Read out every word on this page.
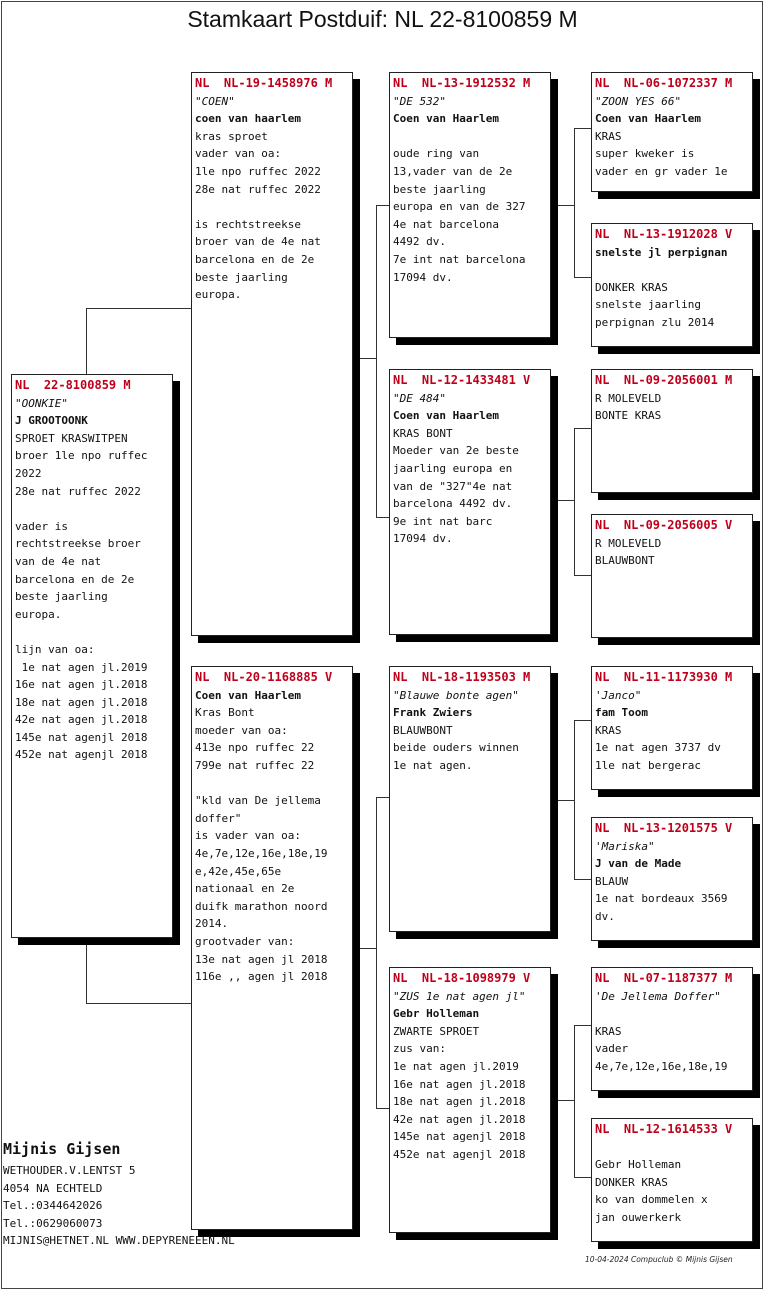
Stamkaart Postduif: NL 22-8100859 M
NL  22-8100859 M
"OONKIE"
J GROOTOONK
SPROET KRASWITPEN
broer 1le npo ruffec
2022
28e nat ruffec 2022
vader is
rechtstreekse broer
van de 4e nat
barcelona en de 2e
beste jaarling
europa.
lijn van oa:
1e nat agen jl.2019
16e nat agen jl.2018
18e nat agen jl.2018
42e nat agen jl.2018
145e nat agenjl 2018
452e nat agenjl 2018
NL  NL-19-1458976 M
"COEN"
coen van haarlem
kras sproet
vader van oa:
1le npo ruffec 2022
28e nat ruffec 2022
is rechtstreekse
broer van de 4e nat
barcelona en de 2e
beste jaarling
europa.
NL  NL-20-1168885 V
Coen van Haarlem
Kras Bont
moeder van oa:
413e npo ruffec 22
799e nat ruffec 22
"kld van De jellema
doffer"
is vader van oa:
4e,7e,12e,16e,18e,19
e,42e,45e,65e
nationaal en 2e
duifk marathon noord
2014.
grootvader van:
13e nat agen jl 2018
116e ,, agen jl 2018
NL  NL-13-1912532 M
"DE 532"
Coen van Haarlem
oude ring van
13,vader van de 2e
beste jaarling
europa en van de 327
4e nat barcelona
4492 dv.
7e int nat barcelona
17094 dv.
NL  NL-12-1433481 V
"DE 484"
Coen van Haarlem
KRAS BONT
Moeder van 2e beste
jaarling europa en
van de "327"4e nat
barcelona 4492 dv.
9e int nat barc
17094 dv.
NL  NL-18-1193503 M
"Blauwe bonte agen"
Frank Zwiers
BLAUWBONT
beide ouders winnen
1e nat agen.
NL  NL-18-1098979 V
"ZUS 1e nat agen jl"
Gebr Holleman
ZWARTE SPROET
zus van:
1e nat agen jl.2019
16e nat agen jl.2018
18e nat agen jl.2018
42e nat agen jl.2018
145e nat agenjl 2018
452e nat agenjl 2018
NL  NL-06-1072337 M
"ZOON YES 66"
Coen van Haarlem
KRAS
super kweker is
vader en gr vader 1e
NL  NL-13-1912028 V
snelste jl perpignan
DONKER KRAS
snelste jaarling
perpignan zlu 2014
NL  NL-09-2056001 M
R MOLEVELD
BONTE KRAS
NL  NL-09-2056005 V
R MOLEVELD
BLAUWBONT
NL  NL-11-1173930 M
'Janco"
fam Toom
KRAS
1e nat agen 3737 dv
1le nat bergerac
NL  NL-13-1201575 V
'Mariska"
J van de Made
BLAUW
1e nat bordeaux 3569
dv.
NL  NL-07-1187377 M
'De Jellema Doffer"
KRAS
vader
4e,7e,12e,16e,18e,19
NL  NL-12-1614533 V
Gebr Holleman
DONKER KRAS
ko van dommelen x
jan ouwerkerk
Mijnis Gijsen
WETHOUDER.V.LENTST 5
4054 NA ECHTELD
Tel.:0344642026
Tel.:0629060073
MIJNIS@HETNET.NL WWW.DEPYRENEEEN.NL
10-04-2024 Compuclub © Mijnis Gijsen
